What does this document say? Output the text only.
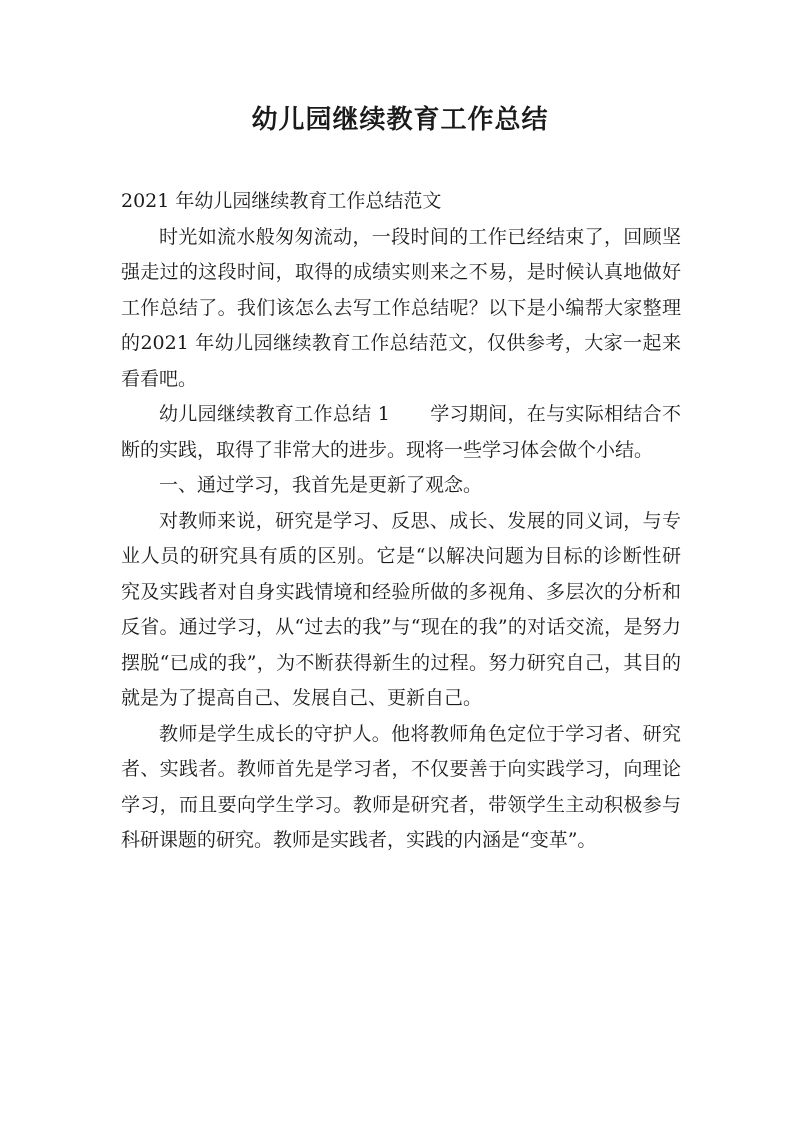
幼儿园继续教育工作总结

2021 年幼儿园继续教育工作总结范文

时光如流水般匆匆流动，一段时间的工作已经结束了，回顾坚强走过的这段时间，取得的成绩实则来之不易，是时候认真地做好工作总结了。我们该怎么去写工作总结呢？以下是小编帮大家整理的2021 年幼儿园继续教育工作总结范文，仅供参考，大家一起来看看吧。

幼儿园继续教育工作总结 1 学习期间，在与实际相结合不断的实践，取得了非常大的进步。现将一些学习体会做个小结。

一、通过学习，我首先是更新了观念。

对教师来说，研究是学习、反思、成长、发展的同义词，与专业人员的研究具有质的区别。它是“以解决问题为目标的诊断性研究及实践者对自身实践情境和经验所做的多视角、多层次的分析和反省。通过学习，从“过去的我”与“现在的我”的对话交流，是努力摆脱“已成的我”，为不断获得新生的过程。努力研究自己，其目的就是为了提高自己、发展自己、更新自己。

教师是学生成长的守护人。他将教师角色定位于学习者、研究者、实践者。教师首先是学习者，不仅要善于向实践学习，向理论学习，而且要向学生学习。教师是研究者，带领学生主动积极参与科研课题的研究。教师是实践者，实践的内涵是“变革”。
